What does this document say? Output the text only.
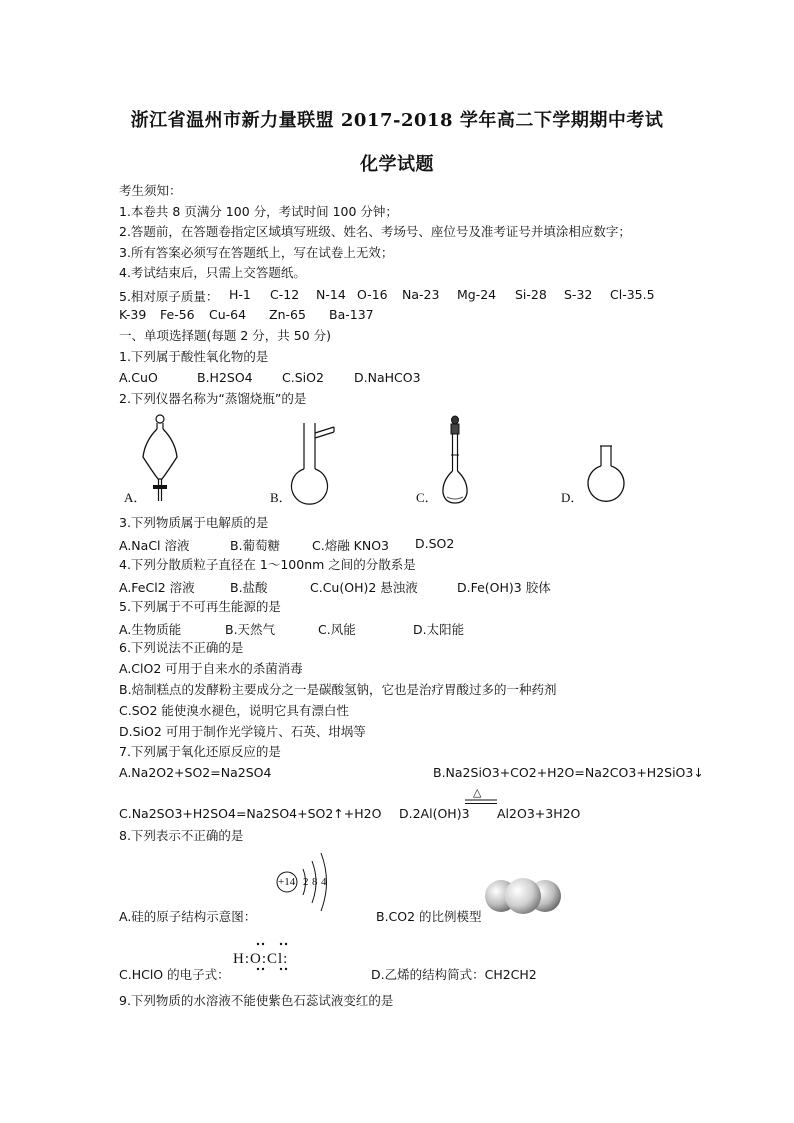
浙江省温州市新力量联盟 2017-2018 学年高二下学期期中考试
化学试题
考生须知：
1.本卷共 8 页满分 100 分，考试时间 100 分钟；
2.答题前，在答题卷指定区域填写班级、姓名、考场号、座位号及准考证号并填涂相应数字；
3.所有答案必须写在答题纸上，写在试卷上无效；
4.考试结束后，只需上交答题纸。
5.相对原子质量： H-1 C-12 N-14 O-16 Na-23 Mg-24 Si-28 S-32 Cl-35.5
K-39 Fe-56 Cu-64 Zn-65 Ba-137
一、单项选择题(每题 2 分，共 50 分)
1.下列属于酸性氧化物的是
A.CuO	B.H2SO4 C.SiO2 D.NaHCO3
2.下列仪器名称为“蒸馏烧瓶”的是
A．	B．	C．	D．
3.下列物质属于电解质的是
A.NaCl 溶液	B.葡萄糖	C.熔融 KNO3 D.SO2
4.下列分散质粒子直径在 1～100nm 之间的分散系是
A.FeCl2 溶液	B.盐酸	C.Cu(OH)2 悬浊液	D.Fe(OH)3 胶体
5.下列属于不可再生能源的是
A.生物质能	B.天然气	C.风能	D.太阳能
6.下列说法不正确的是
A.ClO2 可用于自来水的杀菌消毒
B.焙制糕点的发酵粉主要成分之一是碳酸氢钠，它也是治疗胃酸过多的一种药剂
C.SO2 能使溴水褪色，说明它具有漂白性
D.SiO2 可用于制作光学镜片、石英、坩埚等
7.下列属于氧化还原反应的是
A.Na2O2+SO2=Na2SO4	B.Na2SiO3+CO2+H2O=Na2CO3+H2SiO3↓
C.Na2SO3+H2SO4=Na2SO4+SO2↑+H2O D.2Al(OH)3
△
Al2O3+3H2O
8.下列表示不正确的是
+14 2 8 4
A.硅的原子结构示意图：	B.CO2 的比例模型
C.HClO 的电子式：
H:O:Cl:
D.乙烯的结构简式：CH2CH2
9.下列物质的水溶液不能使紫色石蕊试液变红的是
